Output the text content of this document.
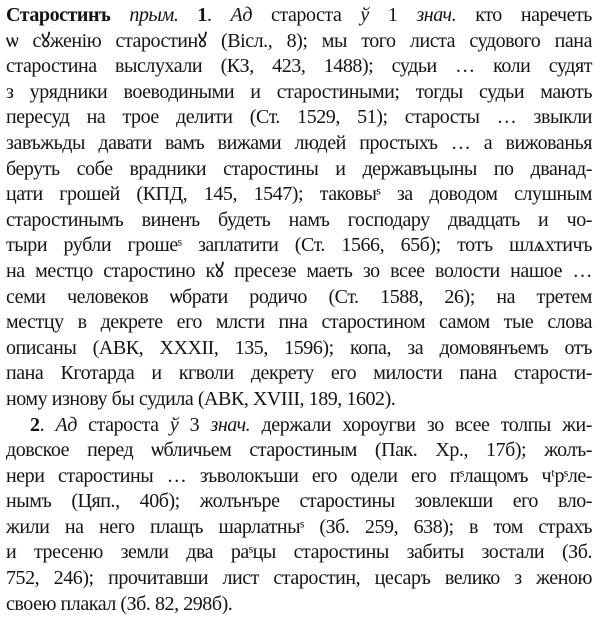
Старостинъ прым. 1. Ад староста ў 1 знач. кто наречеть
ѡ сꙋженію старостинꙋ (Вісл., 8); мы того листа судового пана
старостина выслухали (КЗ, 423, 1488); судьи … коли судят
з урядники воеводиными и старостиными; тогды судьи мають
пересуд на трое делити (Ст. 1529, 51); старосты … звыкли
завъжьды давати вамъ вижами людей простыхъ … а вижованья
беруть собе врадники старостины и державъцыны по дванад-
цати грошей (КПД, 145, 1547); таковыˢ за доводом слушным
старостинымъ виненъ будеть намъ господару двадцать и чо-
тыри рубли грошеˢ заплатити (Ст. 1566, 65б); тотъ шлѧхтичъ
на местцо старостино кꙋ пресезе маеть зо всее волости нашое …
семи человеков ѡбрати родичо (Ст. 1588, 26); на третем
местцу в декрете его млсти пна старостином самом тые слова
описаны (АВК, XXXII, 135, 1596); копа, за домовянъемъ отъ
пана Кготарда и кгволи декрету его милости пана старости-
ному изнову бы судила (АВК, XVIII, 189, 1602).
2. Ад староста ў 3 знач. держали хороугви зо всее толпы жи-
довское перед ѡбличьем старостиным (Пак. Хр., 17б); жолъ-
нери старостины … зъволокъши его одели его пˢлащомъ чᵗрˢле-
нымъ (Цяп., 40б); жолънъре старостины зовлекши его вло-
жили на него плащъ шарлатныˢ (Зб. 259, 638); в том страхъ
и тресеню земли два раˢцы старостины забиты зостали (Зб.
752, 246); прочитавши лист старостин, цесаръ велико з женою
своею плакал (Зб. 82, 298б).
